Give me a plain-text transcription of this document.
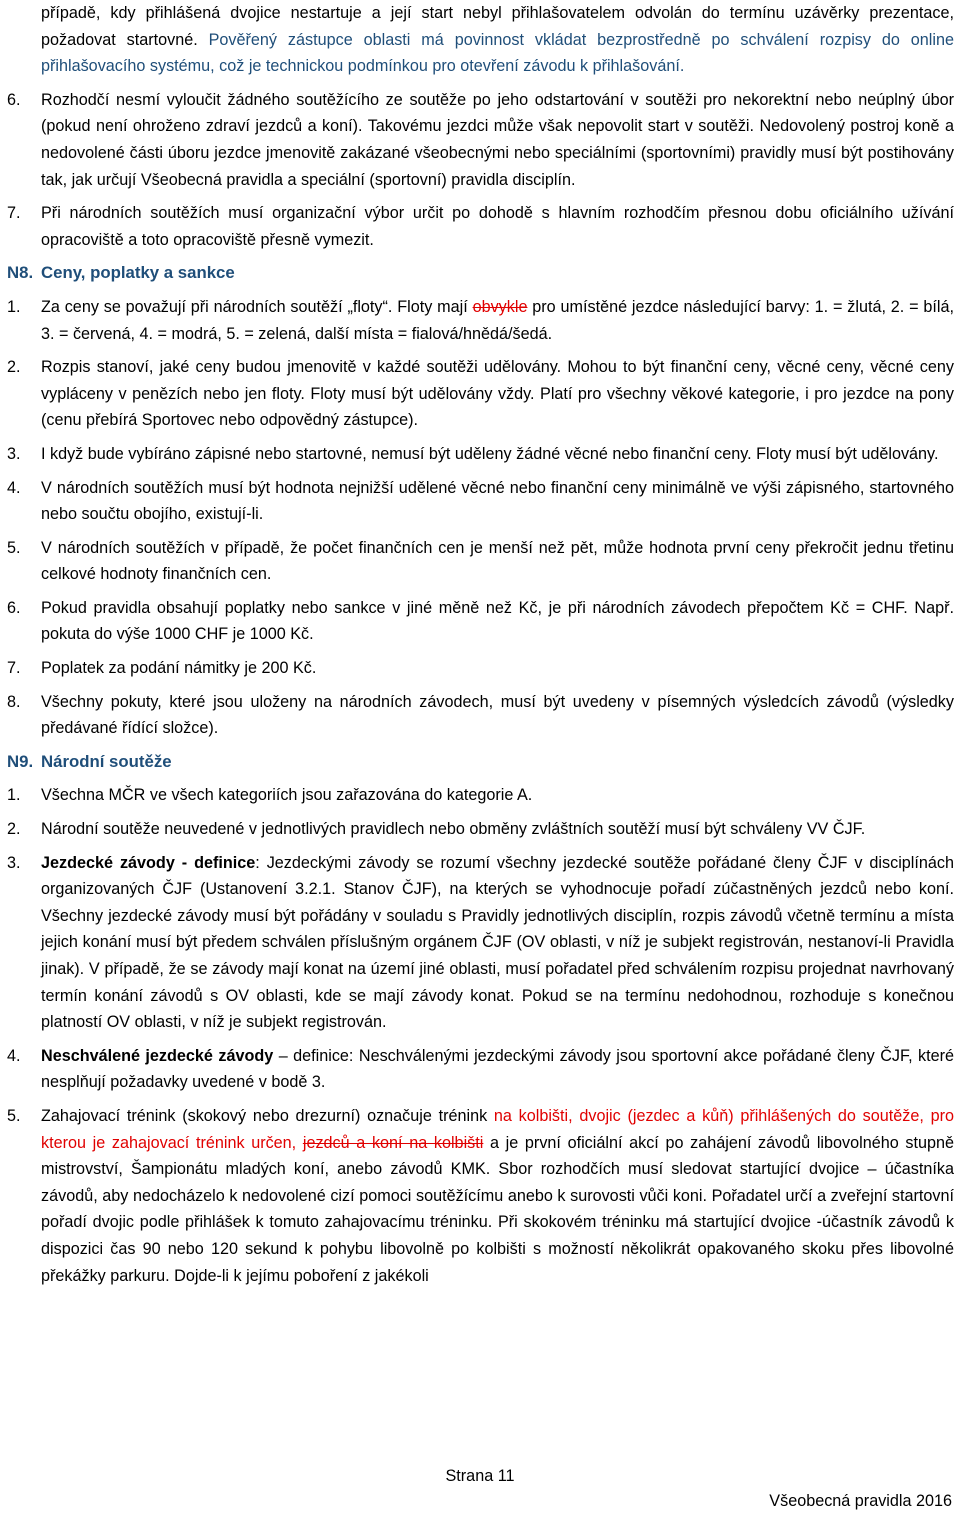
případě, kdy přihlášená dvojice nestartuje a její start nebyl přihlašovatelem odvolán do termínu uzávěrky prezentace, požadovat startovné. Pověřený zástupce oblasti má povinnost vkládat bezprostředně po schválení rozpisy do online přihlašovacího systému, což je technickou podmínkou pro otevření závodu k přihlašování.

6.	Rozhodčí nesmí vyloučit žádného soutěžícího ze soutěže po jeho odstartování v soutěži pro nekorektní nebo neúplný úbor (pokud není ohroženo zdraví jezdců a koní). Takovému jezdci může však nepovolit start v soutěži. Nedovolený postroj koně a nedovolené části úboru jezdce jmenovitě zakázané všeobecnými nebo speciálními (sportovními) pravidly musí být postihovány tak, jak určují Všeobecná pravidla a speciální (sportovní) pravidla disciplín.
7.	Při národních soutěžích musí organizační výbor určit po dohodě s hlavním rozhodčím přesnou dobu oficiálního užívání opracoviště a toto opracoviště přesně vymezit.
N8. Ceny, poplatky a sankce
1.	Za ceny se považují při národních soutěží „floty“. Floty mají obvykle pro umístěné jezdce následující barvy: 1. = žlutá, 2. = bílá, 3. = červená, 4. = modrá, 5. = zelená, další místa = fialová/hnědá/šedá.
2.	Rozpis stanoví, jaké ceny budou jmenovitě v každé soutěži udělovány. Mohou to být finanční ceny, věcné ceny, věcné ceny vypláceny v penězích nebo jen floty. Floty musí být udělovány vždy. Platí pro všechny věkové kategorie, i pro jezdce na pony (cenu přebírá Sportovec nebo odpovědný zástupce).
3.	I když bude vybíráno zápisné nebo startovné, nemusí být uděleny žádné věcné nebo finanční ceny. Floty musí být udělovány.
4.	V národních soutěžích musí být hodnota nejnižší udělené věcné nebo finanční ceny minimálně ve výši zápisného, startovného nebo součtu obojího, existují-li.
5.	V národních soutěžích v případě, že počet finančních cen je menší než pět, může hodnota první ceny překročit jednu třetinu celkové hodnoty finančních cen.
6.	Pokud pravidla obsahují poplatky nebo sankce v jiné měně než Kč, je při národních závodech přepočtem Kč = CHF. Např. pokuta do výše 1000 CHF je 1000 Kč.
7.	Poplatek za podání námitky je 200 Kč.
8.	Všechny pokuty, které jsou uloženy na národních závodech, musí být uvedeny v písemných výsledcích závodů (výsledky předávané řídící složce).
N9. Národní soutěže
1.	Všechna MČR ve všech kategoriích jsou zařazována do kategorie A.
2.	Národní soutěže neuvedené v jednotlivých pravidlech nebo obměny zvláštních soutěží musí být schváleny VV ČJF.
3.	Jezdecké závody - definice: Jezdeckými závody se rozumí všechny jezdecké soutěže pořádané členy ČJF v disciplínách organizovaných ČJF (Ustanovení 3.2.1. Stanov ČJF), na kterých se vyhodnocuje pořadí zúčastněných jezdců nebo koní. Všechny jezdecké závody musí být pořádány v souladu s Pravidly jednotlivých disciplín, rozpis závodů včetně termínu a místa jejich konání musí být předem schválen příslušným orgánem ČJF (OV oblasti, v níž je subjekt registrován, nestanoví-li Pravidla jinak). V případě, že se závody mají konat na území jiné oblasti, musí pořadatel před schválením rozpisu projednat navrhovaný termín konání závodů s OV oblasti, kde se mají závody konat. Pokud se na termínu nedohodnou, rozhoduje s konečnou platností OV oblasti, v níž je subjekt registrován.
4.	Neschválené jezdecké závody – definice: Neschválenými jezdeckými závody jsou sportovní akce pořádané členy ČJF, které nesplňují požadavky uvedené v bodě 3.
5.	Zahajovací trénink (skokový nebo drezurní) označuje trénink na kolbišti, dvojic (jezdec a kůň) přihlášených do soutěže, pro kterou je zahajovací trénink určen, jezdců a koní na kolbišti a je první oficiální akcí po zahájení závodů libovolného stupně mistrovství, Šampionátu mladých koní, anebo závodů KMK. Sbor rozhodčích musí sledovat startující dvojice – účastníka závodů, aby nedocházelo k nedovolené cizí pomoci soutěžícímu anebo k surovosti vůči koni. Pořadatel určí a zveřejní startovní pořadí dvojic podle přihlášek k tomuto zahajovacímu tréninku. Při skokovém tréninku má startující dvojice -účastník závodů k dispozici čas 90 nebo 120 sekund k pohybu libovolně po kolbišti s možností několikrát opakovaného skoku přes libovolné překážky parkuru. Dojde-li k jejímu poboření z jakékoli
Strana 11
Všeobecná pravidla 2016
